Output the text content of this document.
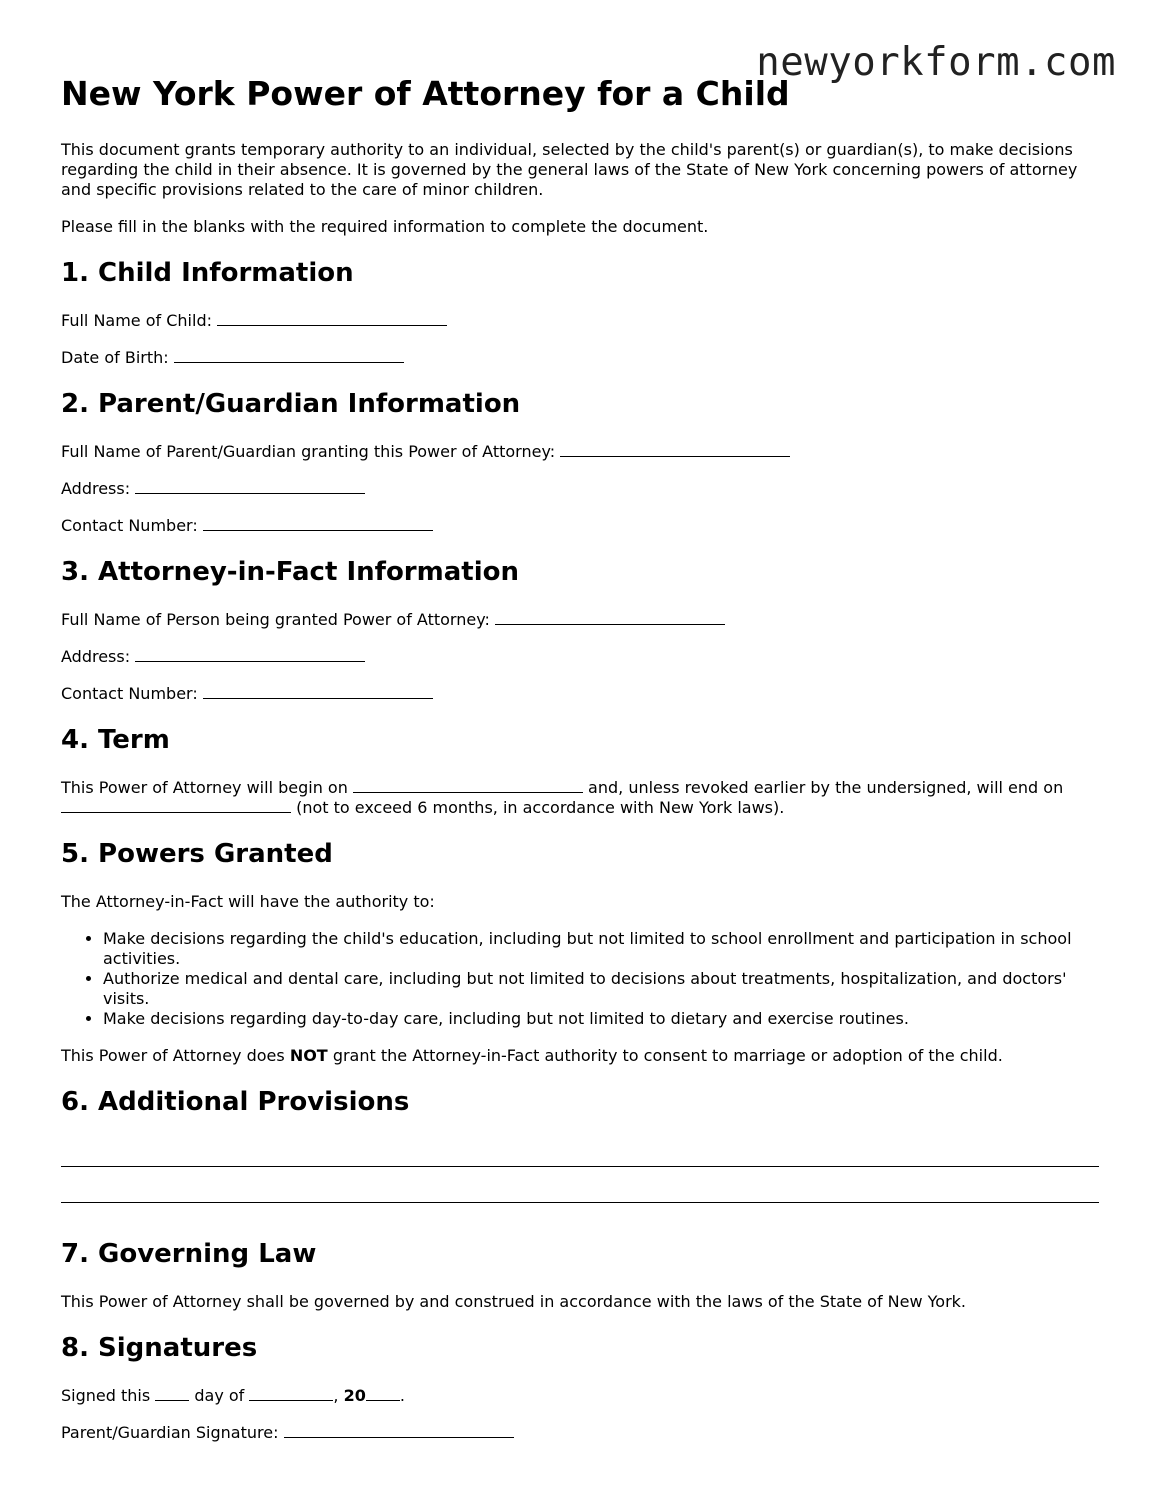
newyorkform.com
New York Power of Attorney for a Child

This document grants temporary authority to an individual, selected by the child's parent(s) or guardian(s), to make decisions regarding the child in their absence. It is governed by the general laws of the State of New York concerning powers of attorney and specific provisions related to the care of minor children.

Please fill in the blanks with the required information to complete the document.

1. Child Information

Full Name of Child:

Date of Birth:

2. Parent/Guardian Information

Full Name of Parent/Guardian granting this Power of Attorney:

Address:

Contact Number:

3. Attorney-in-Fact Information

Full Name of Person being granted Power of Attorney:

Address:

Contact Number:

4. Term

This Power of Attorney will begin on	and, unless revoked earlier by the undersigned, will end on  (not to exceed 6 months, in accordance with New York laws).

5. Powers Granted

The Attorney-in-Fact will have the authority to:

• Make decisions regarding the child's education, including but not limited to school enrollment and participation in school activities.
• Authorize medical and dental care, including but not limited to decisions about treatments, hospitalization, and doctors' visits.
• Make decisions regarding day-to-day care, including but not limited to dietary and exercise routines.

This Power of Attorney does NOT grant the Attorney-in-Fact authority to consent to marriage or adoption of the child.

6. Additional Provisions
7. Governing Law

This Power of Attorney shall be governed by and construed in accordance with the laws of the State of New York.

8. Signatures

Signed this	day of	, 20 .

Parent/Guardian Signature:
